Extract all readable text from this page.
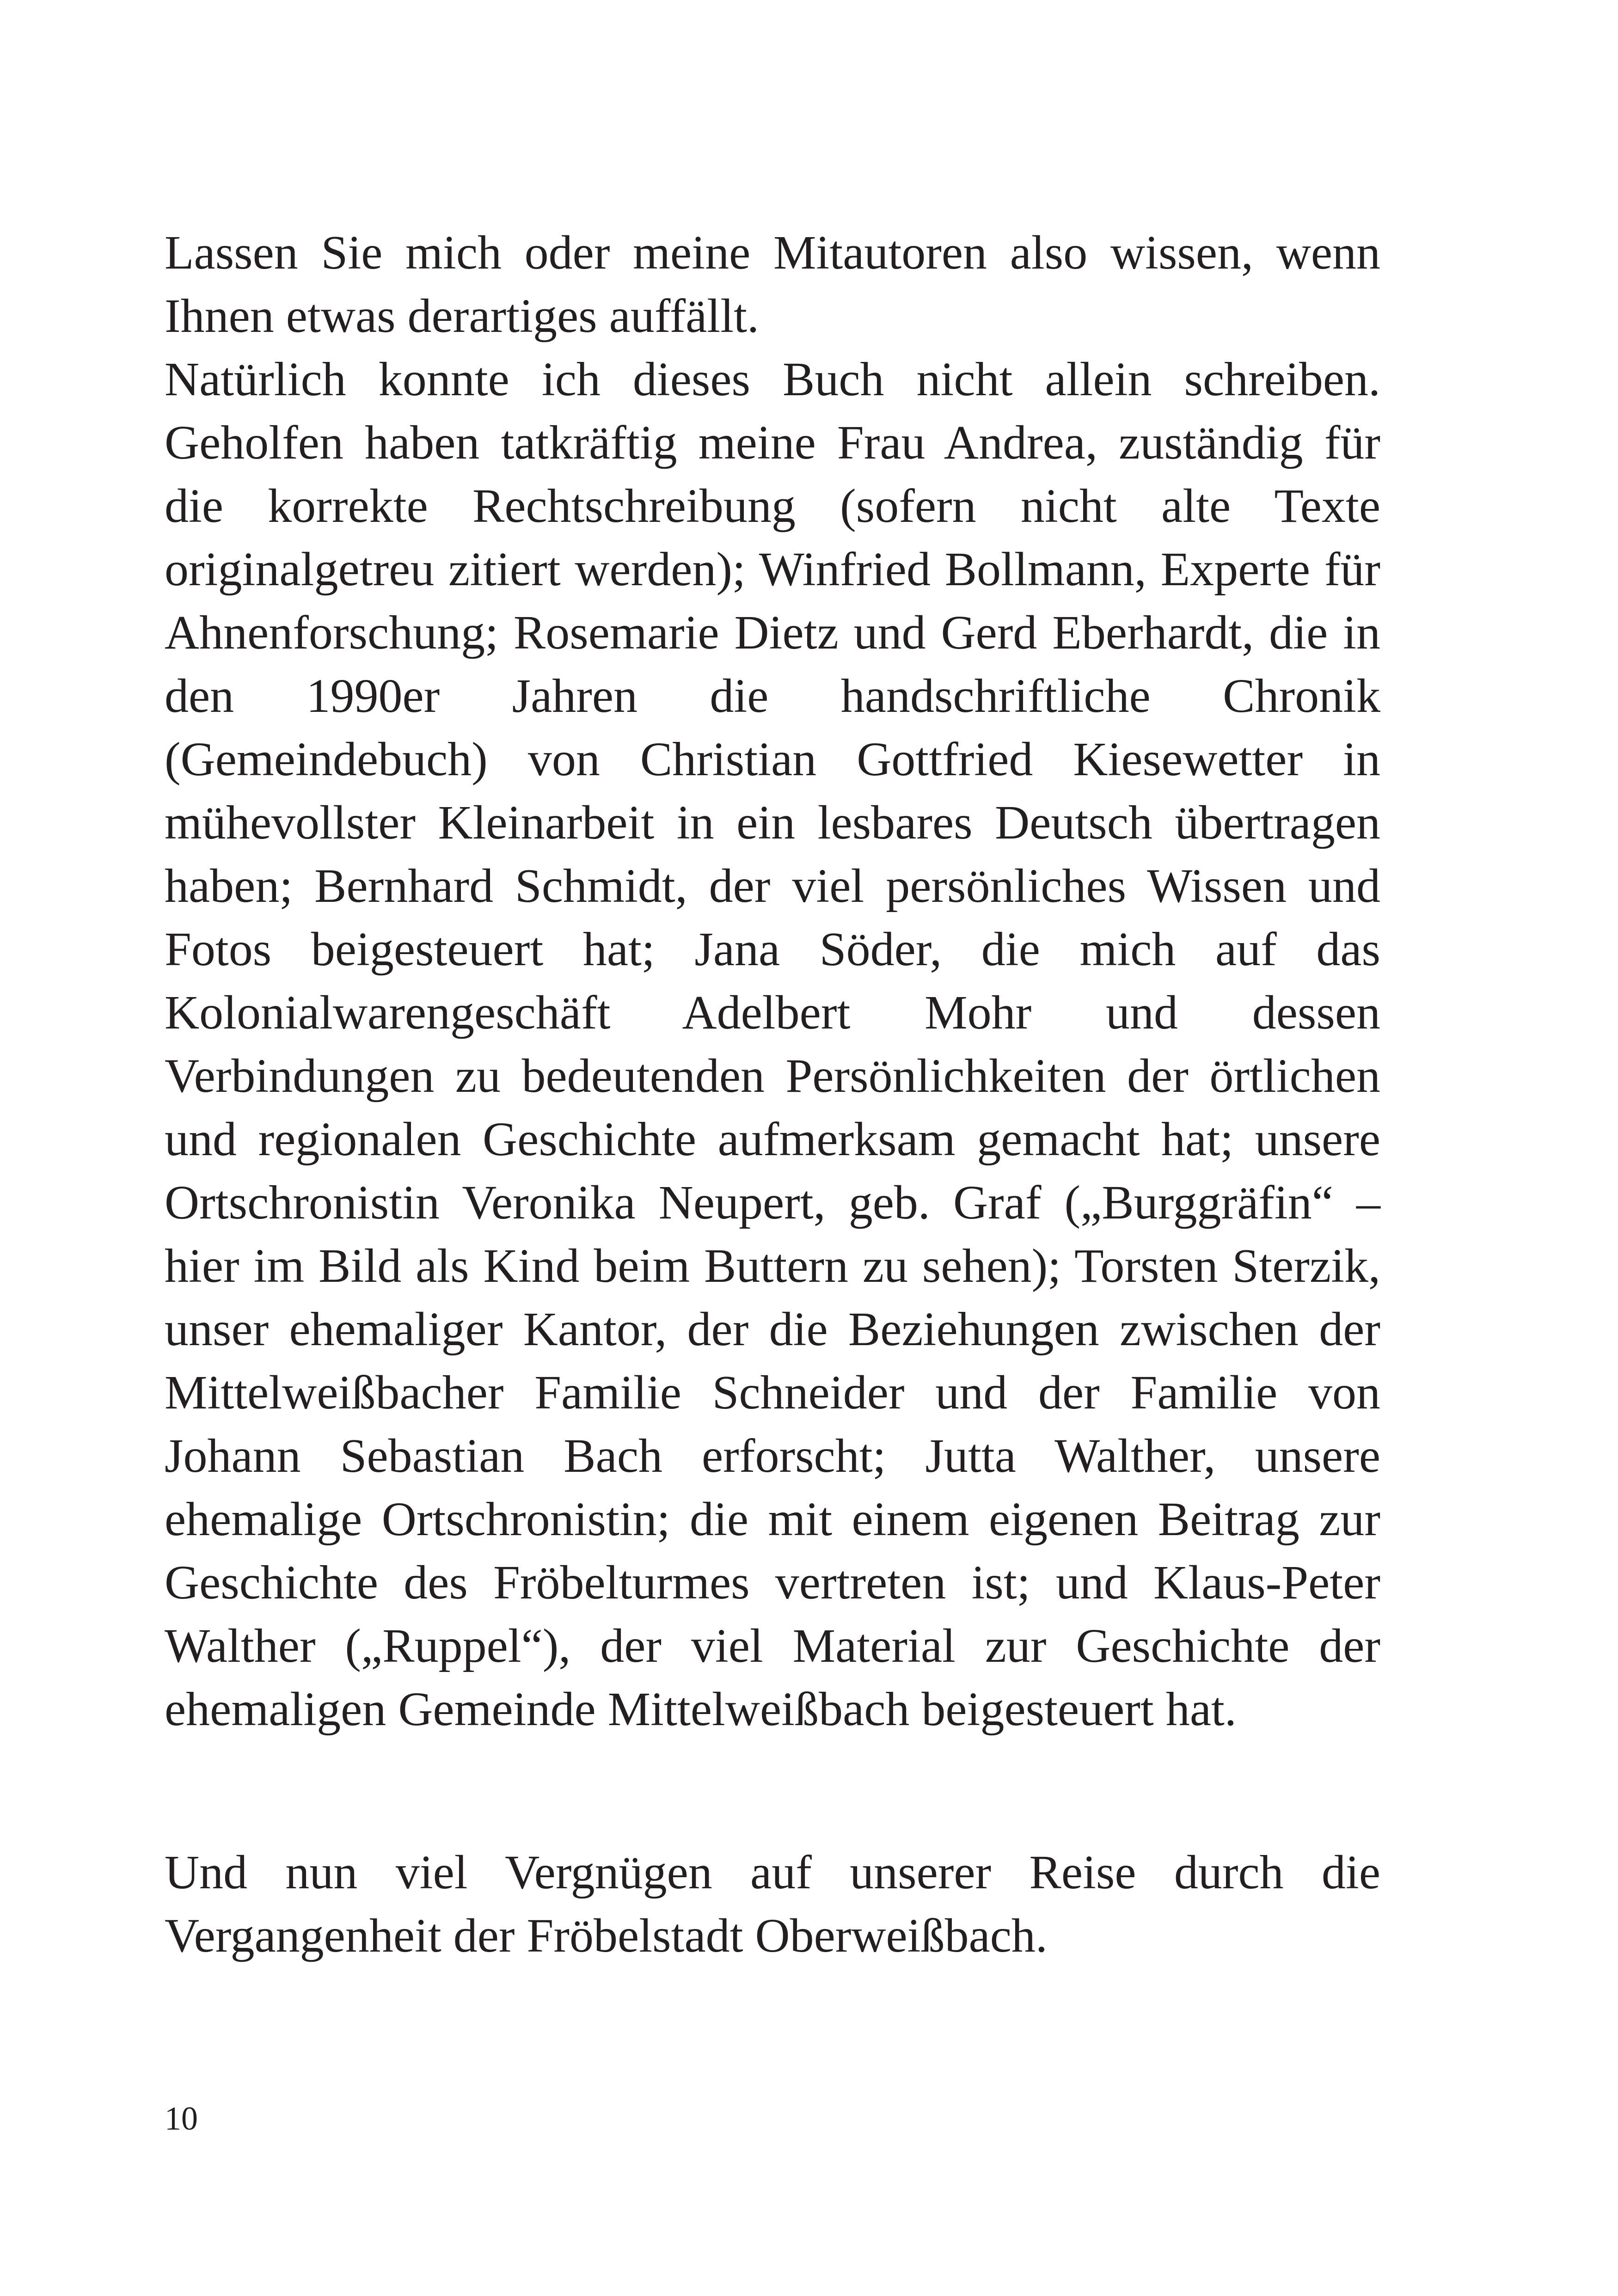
Lassen Sie mich oder meine Mitautoren also wissen, wenn Ihnen etwas derartiges auffällt.

Natürlich konnte ich dieses Buch nicht allein schreiben. Geholfen haben tatkräftig meine Frau Andrea, zuständig für die korrekte Rechtschreibung (sofern nicht alte Texte originalgetreu zitiert werden); Winfried Bollmann, Experte für Ahnenforschung; Rosemarie Dietz und Gerd Eberhardt, die in den 1990er Jahren die handschriftliche Chronik (Gemeindebuch) von Christian Gottfried Kiesewetter in mühevollster Kleinarbeit in ein lesbares Deutsch übertragen haben; Bernhard Schmidt, der viel persönliches Wissen und Fotos beigesteuert hat; Jana Söder, die mich auf das Kolonialwarengeschäft Adelbert Mohr und dessen Verbindungen zu bedeutenden Persönlichkeiten der örtlichen und regionalen Geschichte aufmerksam gemacht hat; unsere Ortschronistin Veronika Neupert, geb. Graf („Burggräfin“ – hier im Bild als Kind beim Buttern zu sehen); Torsten Sterzik, unser ehemaliger Kantor, der die Beziehungen zwischen der Mittelweißbacher Familie Schneider und der Familie von Johann Sebastian Bach erforscht; Jutta Walther, unsere ehemalige Ortschronistin; die mit einem eigenen Beitrag zur Geschichte des Fröbelturmes vertreten ist; und Klaus-Peter Walther („Ruppel“), der viel Material zur Geschichte der ehemaligen Gemeinde Mittelweißbach beigesteuert hat.

Und nun viel Vergnügen auf unserer Reise durch die Vergangenheit der Fröbelstadt Oberweißbach.

10
